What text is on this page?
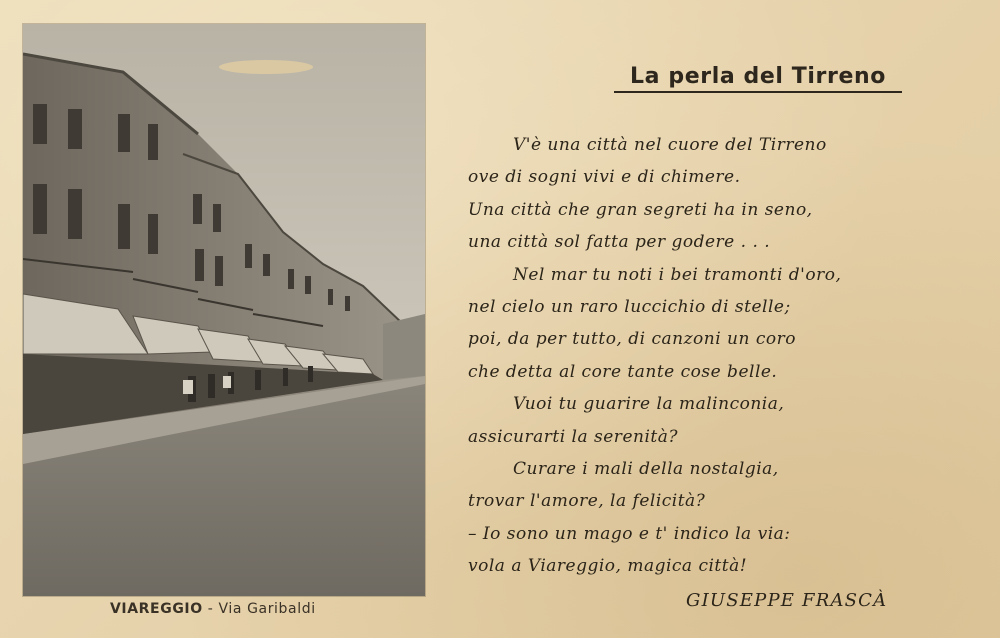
VIAREGGIO - Via Garibaldi
La perla del Tirreno
V'è una città nel cuore del Tirreno
ove di sogni vivi e di chimere.
Una città che gran segreti ha in seno,
una città sol fatta per godere . . .
Nel mar tu noti i bei tramonti d'oro,
nel cielo un raro luccichio di stelle;
poi, da per tutto, di canzoni un coro
che detta al core tante cose belle.
Vuoi tu guarire la malinconia,
assicurarti la serenità?
Curare i mali della nostalgia,
trovar l'amore, la felicità?
– Io sono un mago e t' indico la via:
vola a Viareggio, magica città!
GIUSEPPE FRASCÀ
